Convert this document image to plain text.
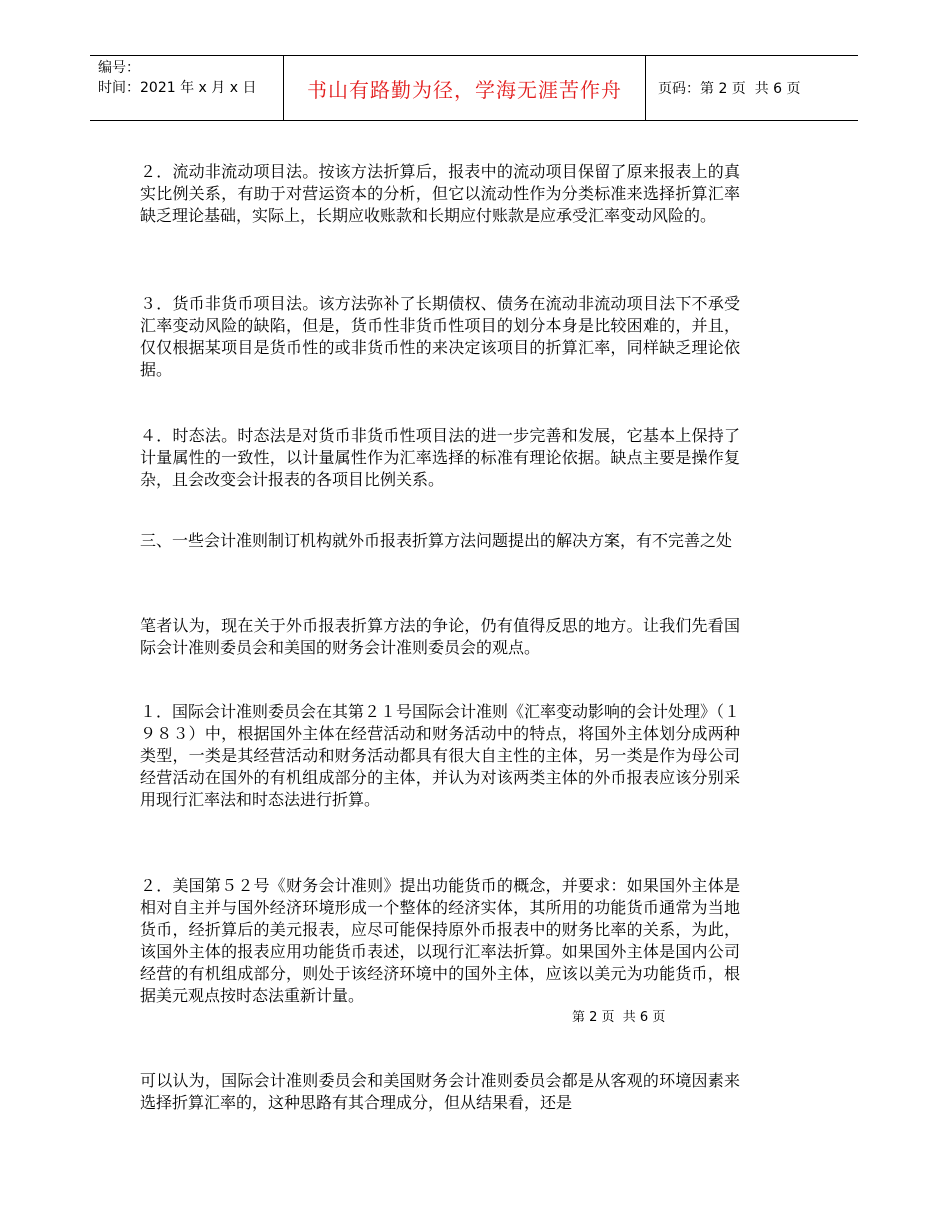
编号：
时间：2021 年 x 月 x 日	书山有路勤为径，学海无涯苦作舟	页码：第 2 页  共 6 页

２．流动非流动项目法。按该方法折算后，报表中的流动项目保留了原来报表上的真实比例关系，有助于对营运资本的分析，但它以流动性作为分类标准来选择折算汇率缺乏理论基础，实际上，长期应收账款和长期应付账款是应承受汇率变动风险的。

３．货币非货币项目法。该方法弥补了长期债权、债务在流动非流动项目法下不承受汇率变动风险的缺陷，但是，货币性非货币性项目的划分本身是比较困难的，并且，仅仅根据某项目是货币性的或非货币性的来决定该项目的折算汇率，同样缺乏理论依据。

４．时态法。时态法是对货币非货币性项目法的进一步完善和发展，它基本上保持了计量属性的一致性，以计量属性作为汇率选择的标准有理论依据。缺点主要是操作复杂，且会改变会计报表的各项目比例关系。

三、一些会计准则制订机构就外币报表折算方法问题提出的解决方案，有不完善之处

笔者认为，现在关于外币报表折算方法的争论，仍有值得反思的地方。让我们先看国际会计准则委员会和美国的财务会计准则委员会的观点。

１．国际会计准则委员会在其第２１号国际会计准则《汇率变动影响的会计处理》（１９８３）中，根据国外主体在经营活动和财务活动中的特点，将国外主体划分成两种类型，一类是其经营活动和财务活动都具有很大自主性的主体，另一类是作为母公司经营活动在国外的有机组成部分的主体，并认为对该两类主体的外币报表应该分别采用现行汇率法和时态法进行折算。

２．美国第５２号《财务会计准则》提出功能货币的概念，并要求：如果国外主体是相对自主并与国外经济环境形成一个整体的经济实体，其所用的功能货币通常为当地货币，经折算后的美元报表，应尽可能保持原外币报表中的财务比率的关系，为此，该国外主体的报表应用功能货币表述，以现行汇率法折算。如果国外主体是国内公司经营的有机组成部分，则处于该经济环境中的国外主体，应该以美元为功能货币，根据美元观点按时态法重新计量。

第 2 页  共 6 页

可以认为，国际会计准则委员会和美国财务会计准则委员会都是从客观的环境因素来选择折算汇率的，这种思路有其合理成分，但从结果看，还是
